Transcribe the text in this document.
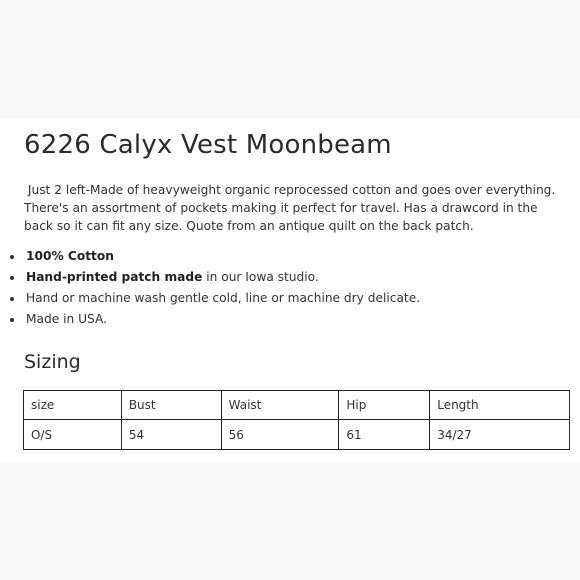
6226 Calyx Vest Moonbeam

Just 2 left-Made of heavyweight organic reprocessed cotton and goes over everything. There's an assortment of pockets making it perfect for travel. Has a drawcord in the back so it can fit any size. Quote from an antique quilt on the back patch.

• 100% Cotton
• Hand-printed patch made in our Iowa studio.
• Hand or machine wash gentle cold, line or machine dry delicate.
• Made in USA.
Sizing
size	Bust	Waist	Hip	Length
O/S	54	56	61	34/27
